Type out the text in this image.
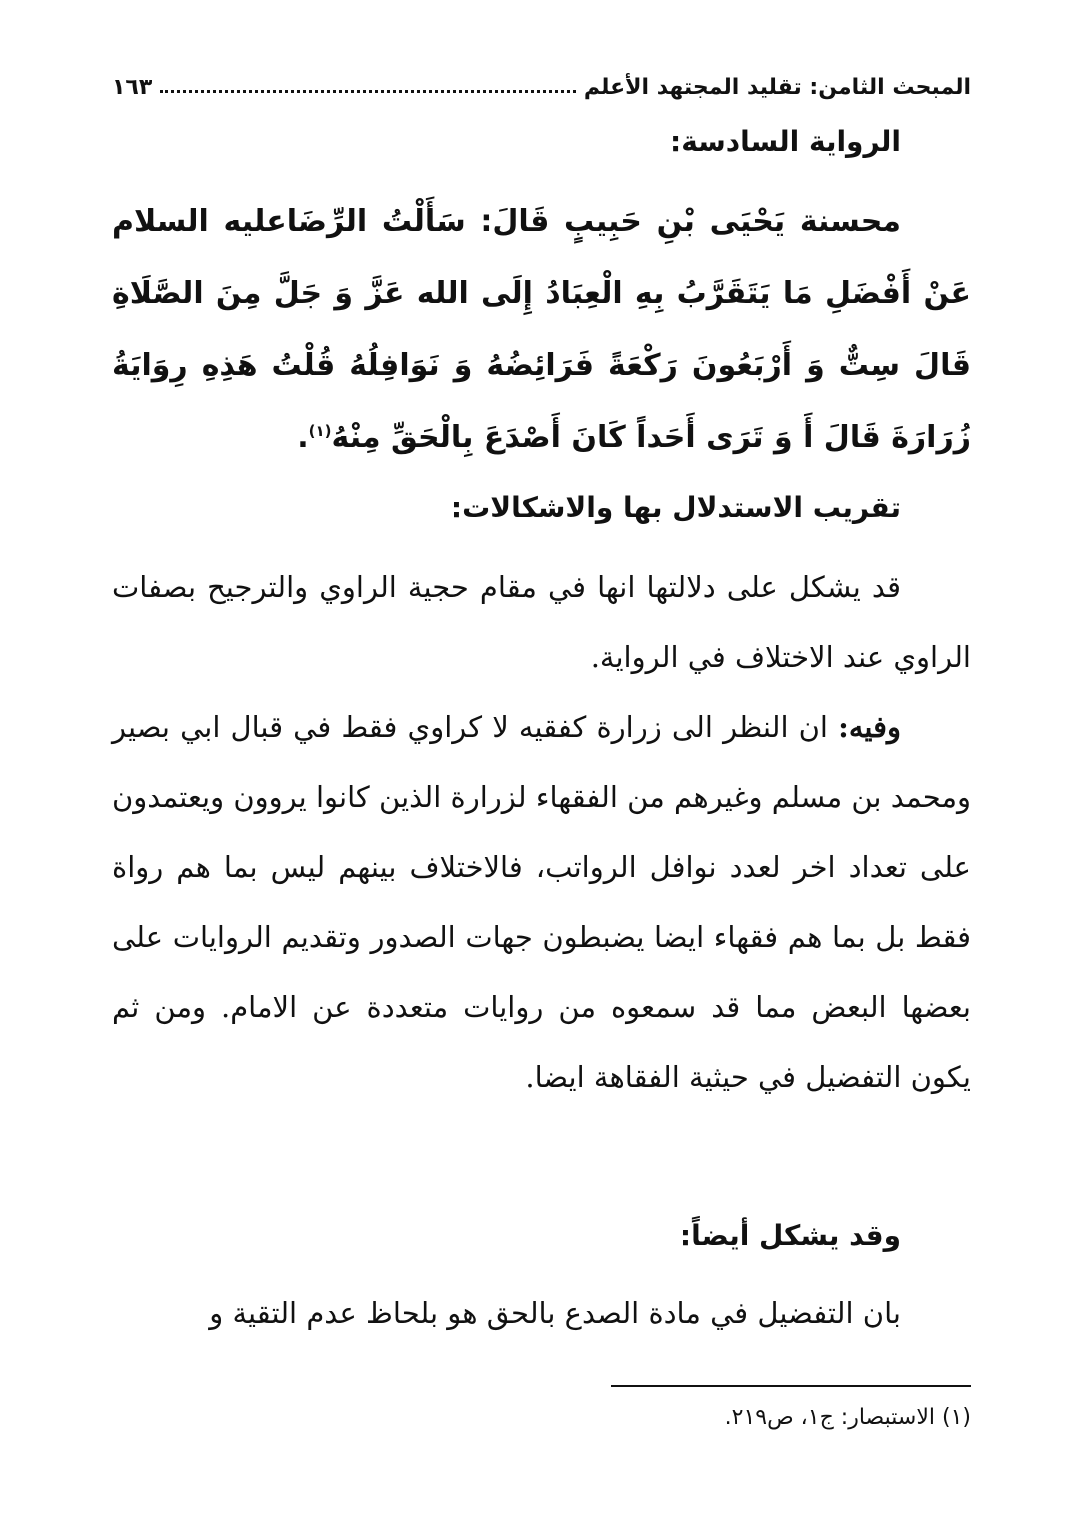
المبحث الثامن: تقليد المجتهد الأعلم
١٦٣
الرواية السادسة:
محسنة يَحْيَى بْنِ حَبِيبٍ قَالَ: سَأَلْتُ الرِّضَاعليه السلام عَنْ أَفْضَلِ مَا يَتَقَرَّبُ بِهِ الْعِبَادُ إِلَى الله عَزَّ وَ جَلَّ مِنَ الصَّلَاةِ قَالَ سِتٌّ وَ أَرْبَعُونَ رَكْعَةً فَرَائِضُهُ وَ نَوَافِلُهُ قُلْتُ هَذِهِ رِوَايَةُ زُرَارَةَ قَالَ أَ وَ تَرَى أَحَداً كَانَ أَصْدَعَ بِالْحَقِّ مِنْهُ$^{(١)}$.
تقريب الاستدلال بها والاشكالات:
قد يشكل على دلالتها انها في مقام حجية الراوي والترجيح بصفات الراوي عند الاختلاف في الرواية.
وفيه: ان النظر الى زرارة كفقيه لا كراوي فقط في قبال ابي بصير ومحمد بن مسلم وغيرهم من الفقهاء لزرارة الذين كانوا يروون ويعتمدون على تعداد اخر لعدد نوافل الرواتب، فالاختلاف بينهم ليس بما هم رواة فقط بل بما هم فقهاء ايضا يضبطون جهات الصدور وتقديم الروايات على بعضها البعض مما قد سمعوه من روايات متعددة عن الامام. ومن ثم يكون التفضيل في حيثية الفقاهة ايضا.
وقد يشكل أيضاً:
بان التفضيل في مادة الصدع بالحق هو بلحاظ عدم التقية و
(١) الاستبصار: ج١، ص٢١٩.
